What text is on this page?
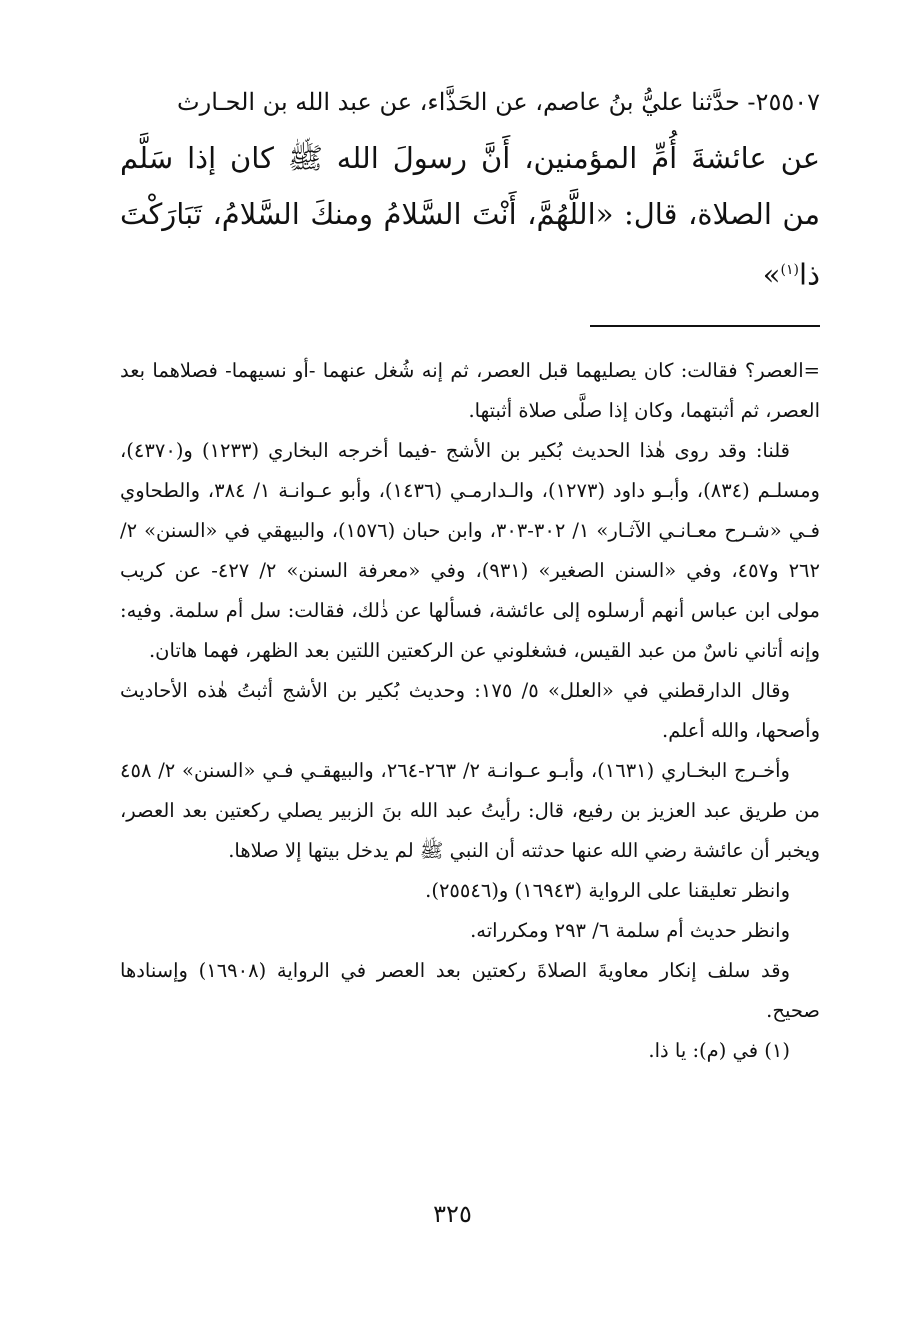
٢٥٥٠٧- حدَّثنا عليُّ بنُ عاصم، عن الحَذَّاء، عن عبد الله بن الحـارث

عن عائشةَ أُمِّ المؤمنين، أَنَّ رسولَ الله ﷺ كان إذا سَلَّم من الصلاة، قال: «اللَّهُمَّ، أَنْتَ السَّلامُ ومنكَ السَّلامُ، تَبَارَكْتَ ذا$^{(١)}$»

=العصر؟ فقالت: كان يصليهما قبل العصر، ثم إنه شُغل عنهما -أو نسيهما- فصلاهما بعد العصر، ثم أثبتهما، وكان إذا صلَّى صلاة أثبتها.

قلنا: وقد روى هٰذا الحديث بُكير بن الأشج -فيما أخرجه البخاري (١٢٣٣) و(٤٣٧٠)، ومسلـم (٨٣٤)، وأبـو داود (١٢٧٣)، والـدارمـي (١٤٣٦)، وأبو عـوانـة ١/ ٣٨٤، والطحاوي فـي «شـرح معـانـي الآثـار» ١/ ٣٠٢-٣٠٣، وابن حبان (١٥٧٦)، والبيهقي في «السنن» ٢/ ٢٦٢ و٤٥٧، وفي «السنن الصغير» (٩٣١)، وفي «معرفة السنن» ٢/ ٤٢٧- عن كريب مولى ابن عباس أنهم أرسلوه إلى عائشة، فسألها عن ذٰلك، فقالت: سل أم سلمة. وفيه: وإنه أتاني ناسٌ من عبد القيس، فشغلوني عن الركعتين اللتين بعد الظهر، فهما هاتان.

وقال الدارقطني في «العلل» ٥/ ١٧٥: وحديث بُكير بن الأشج أثبتُ هٰذه الأحاديث وأصحها، والله أعلم.

وأخـرج البخـاري (١٦٣١)، وأبـو عـوانـة ٢/ ٢٦٣-٢٦٤، والبيهقـي فـي «السنن» ٢/ ٤٥٨ من طريق عبد العزيز بن رفيع، قال: رأيتُ عبد الله بنَ الزبير يصلي ركعتين بعد العصر، ويخبر أن عائشة رضي الله عنها حدثته أن النبي ﷺ لم يدخل بيتها إلا صلاها.

وانظر تعليقنا على الرواية (١٦٩٤٣) و(٢٥٥٤٦).

وانظر حديث أم سلمة ٦/ ٢٩٣ ومكرراته.

وقد سلف إنكار معاويةَ الصلاةَ ركعتين بعد العصر في الرواية (١٦٩٠٨) وإسنادها صحيح.

(١) في (م): يا ذا.

٣٢٥
